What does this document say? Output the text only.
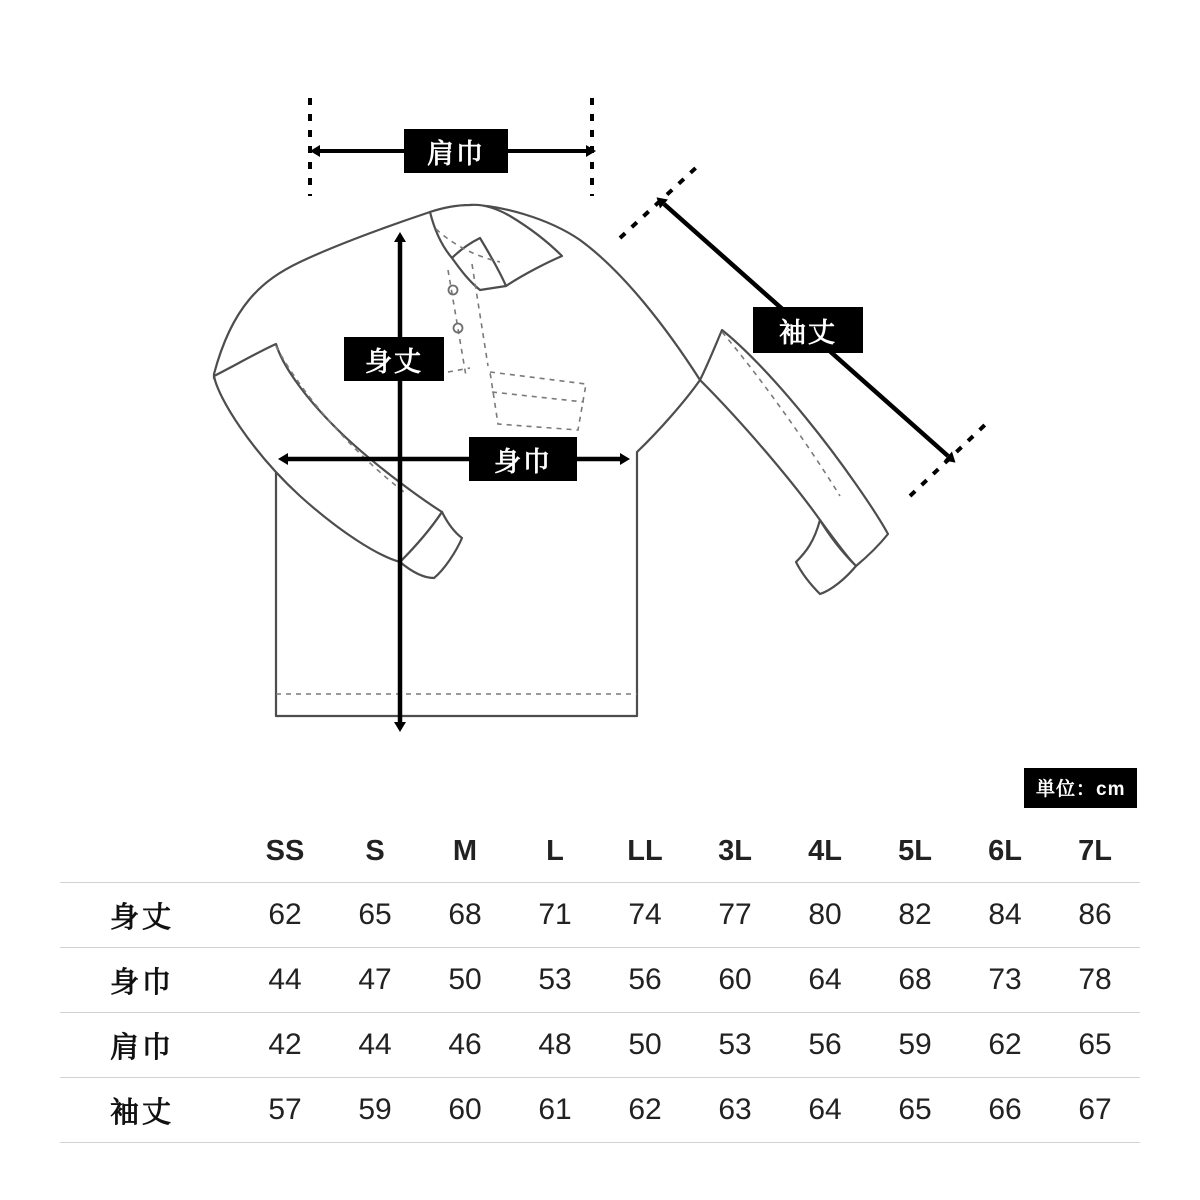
肩巾
身丈
身巾
袖丈
単位：cm
	SS	S	M	L	LL	3L	4L	5L	6L	7L
身丈	62	65	68	71	74	77	80	82	84	86
身巾	44	47	50	53	56	60	64	68	73	78
肩巾	42	44	46	48	50	53	56	59	62	65
袖丈	57	59	60	61	62	63	64	65	66	67
